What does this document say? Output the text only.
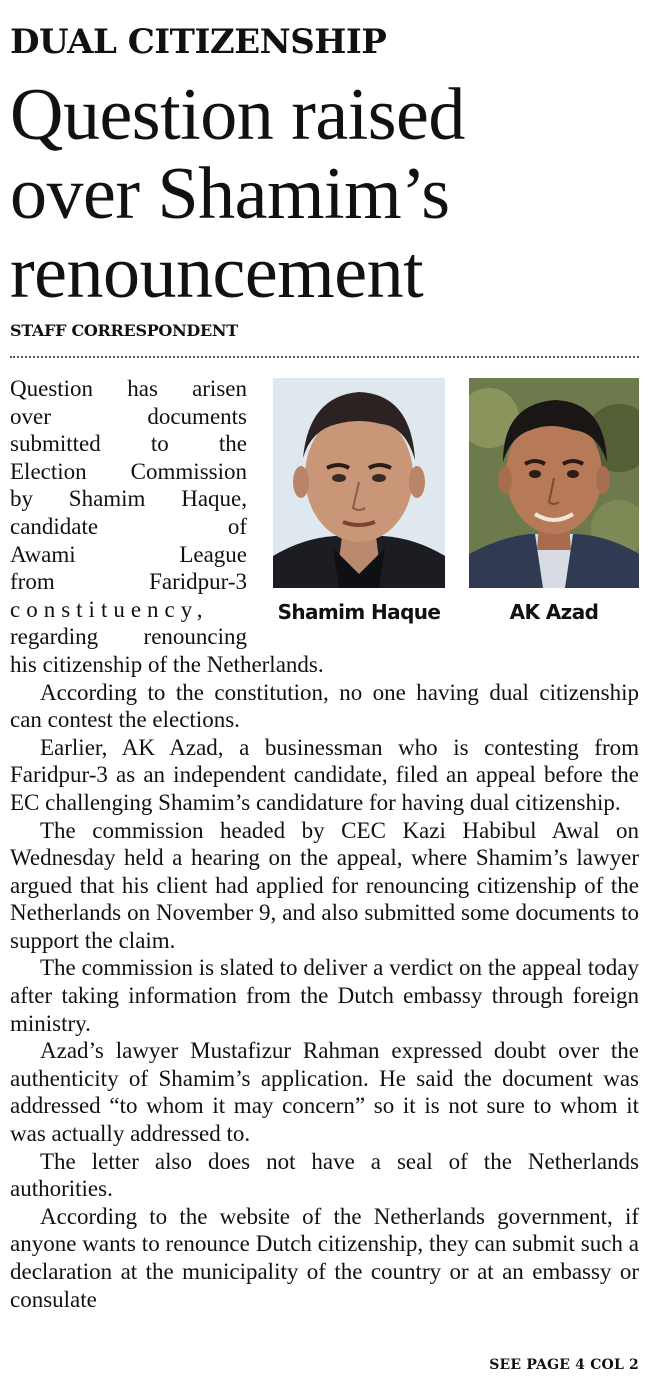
DUAL CITIZENSHIP
Question raised
over Shamim’s
renouncement
STAFF CORRESPONDENT
Shamim Haque	AK Azad
Question has arisen
over documents
submitted to the
Election Commission
by Shamim Haque,
candidate of
Awami League
from Faridpur-3
constituency,
regarding renouncing
his citizenship of the Netherlands.

According to the constitution, no one having dual citizenship can contest the elections.

Earlier, AK Azad, a businessman who is contesting from Faridpur-3 as an independent candidate, filed an appeal before the EC challenging Shamim’s candidature for having dual citizenship.

The commission headed by CEC Kazi Habibul Awal on Wednesday held a hearing on the appeal, where Shamim’s lawyer argued that his client had applied for renouncing citizenship of the Netherlands on November 9, and also submitted some documents to support the claim.

The commission is slated to deliver a verdict on the appeal today after taking information from the Dutch embassy through foreign ministry.

Azad’s lawyer Mustafizur Rahman expressed doubt over the authenticity of Shamim’s application. He said the document was addressed “to whom it may concern” so it is not sure to whom it was actually addressed to.

The letter also does not have a seal of the Netherlands authorities.

According to the website of the Netherlands government, if anyone wants to renounce Dutch citizenship, they can submit such a declaration at the municipality of the country or at an embassy or consulate

SEE PAGE 4 COL 2
